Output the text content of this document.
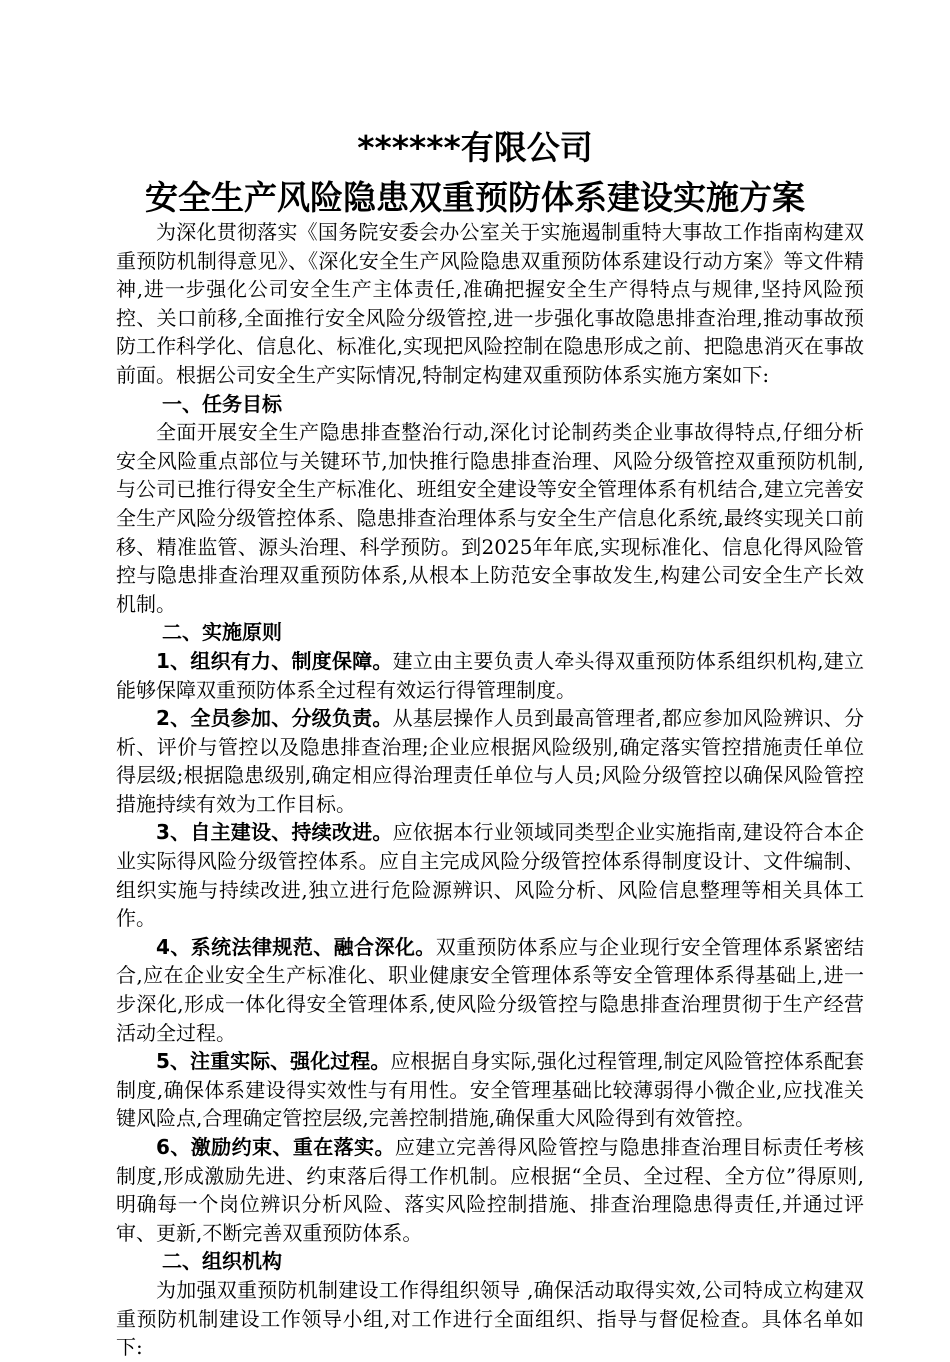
******有限公司
安全生产风险隐患双重预防体系建设实施方案

为深化贯彻落实《国务院安委会办公室关于实施遏制重特大事故工作指南构建双重预防机制得意见》、《深化安全生产风险隐患双重预防体系建设行动方案》等文件精神,进一步强化公司安全生产主体责任,准确把握安全生产得特点与规律,坚持风险预控、关口前移,全面推行安全风险分级管控,进一步强化事故隐患排查治理,推动事故预防工作科学化、信息化、标准化,实现把风险控制在隐患形成之前、把隐患消灭在事故前面。根据公司安全生产实际情况,特制定构建双重预防体系实施方案如下:

一、任务目标

全面开展安全生产隐患排查整治行动,深化讨论制药类企业事故得特点,仔细分析安全风险重点部位与关键环节,加快推行隐患排查治理、风险分级管控双重预防机制,与公司已推行得安全生产标准化、班组安全建设等安全管理体系有机结合,建立完善安全生产风险分级管控体系、隐患排查治理体系与安全生产信息化系统,最终实现关口前移、精准监管、源头治理、科学预防。到2025年年底,实现标准化、信息化得风险管控与隐患排查治理双重预防体系,从根本上防范安全事故发生,构建公司安全生产长效机制。

二、实施原则

1、组织有力、制度保障。建立由主要负责人牵头得双重预防体系组织机构,建立能够保障双重预防体系全过程有效运行得管理制度。

2、全员参加、分级负责。从基层操作人员到最高管理者,都应参加风险辨识、分析、评价与管控以及隐患排查治理;企业应根据风险级别,确定落实管控措施责任单位得层级;根据隐患级别,确定相应得治理责任单位与人员;风险分级管控以确保风险管控措施持续有效为工作目标。

3、自主建设、持续改进。应依据本行业领域同类型企业实施指南,建设符合本企业实际得风险分级管控体系。应自主完成风险分级管控体系得制度设计、文件编制、组织实施与持续改进,独立进行危险源辨识、风险分析、风险信息整理等相关具体工作。

4、系统法律规范、融合深化。双重预防体系应与企业现行安全管理体系紧密结合,应在企业安全生产标准化、职业健康安全管理体系等安全管理体系得基础上,进一步深化,形成一体化得安全管理体系,使风险分级管控与隐患排查治理贯彻于生产经营活动全过程。

5、注重实际、强化过程。应根据自身实际,强化过程管理,制定风险管控体系配套制度,确保体系建设得实效性与有用性。安全管理基础比较薄弱得小微企业,应找准关键风险点,合理确定管控层级,完善控制措施,确保重大风险得到有效管控。

6、激励约束、重在落实。应建立完善得风险管控与隐患排查治理目标责任考核制度,形成激励先进、约束落后得工作机制。应根据“全员、全过程、全方位”得原则,明确每一个岗位辨识分析风险、落实风险控制措施、排查治理隐患得责任,并通过评审、更新,不断完善双重预防体系。

二、组织机构

为加强双重预防机制建设工作得组织领导 ,确保活动取得实效,公司特成立构建双重预防机制建设工作领导小组,对工作进行全面组织、指导与督促检查。具体名单如下:
